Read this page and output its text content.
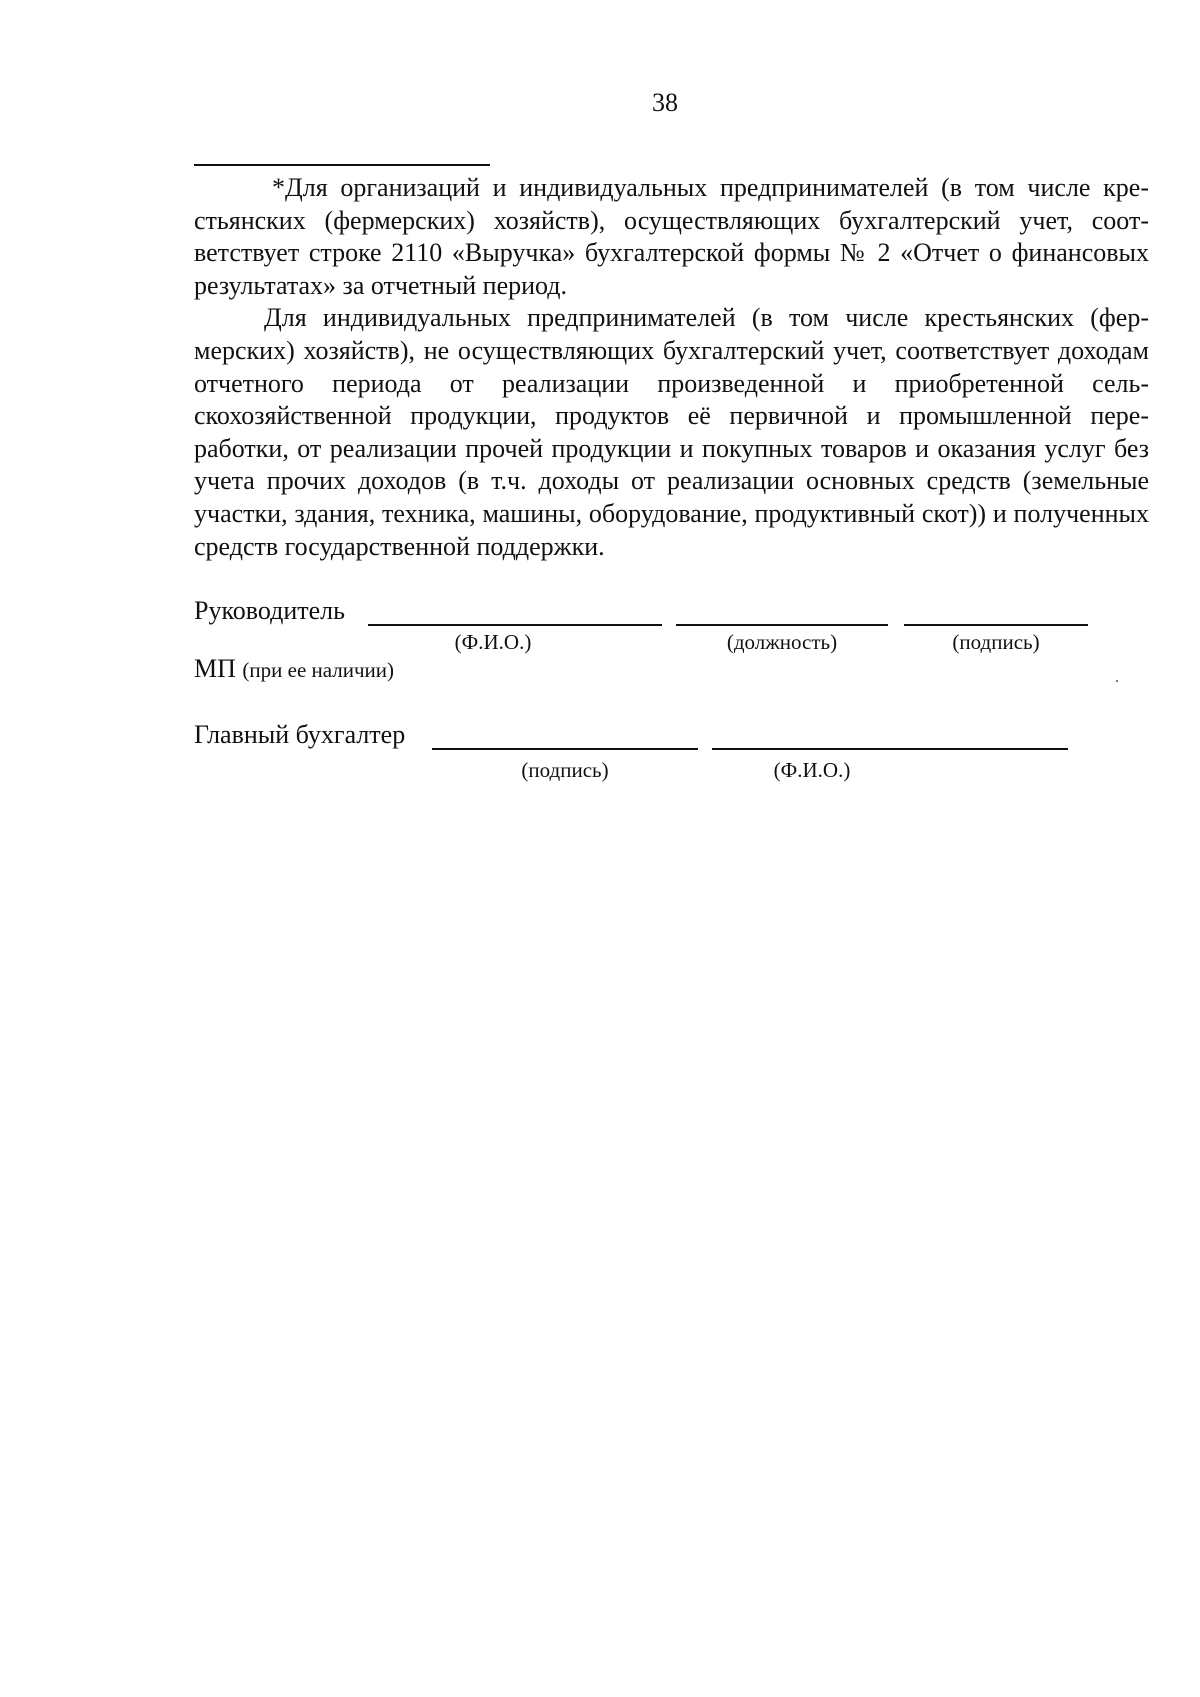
38

*Для организаций и индивидуальных предпринимателей (в том числе крестьянских (фермерских) хозяйств), осуществляющих бухгалтерский учет, соответствует строке 2110 «Выручка» бухгалтерской формы № 2 «Отчет о финансовых результатах» за отчетный период.

Для индивидуальных предпринимателей (в том числе крестьянских (фермерских) хозяйств), не осуществляющих бухгалтерский учет, соответствует доходам отчетного периода от реализации произведенной и приобретенной сельскохозяйственной продукции, продуктов её первичной и промышленной переработки, от реализации прочей продукции и покупных товаров и оказания услуг без учета прочих доходов (в т.ч. доходы от реализации основных средств (земельные участки, здания, техника, машины, оборудование, продуктивный скот)) и полученных средств государственной поддержки.

Руководитель
(Ф.И.О.)	(должность)	(подпись)
МП (при ее наличии)
Главный бухгалтер
(подпись)	(Ф.И.О.)
